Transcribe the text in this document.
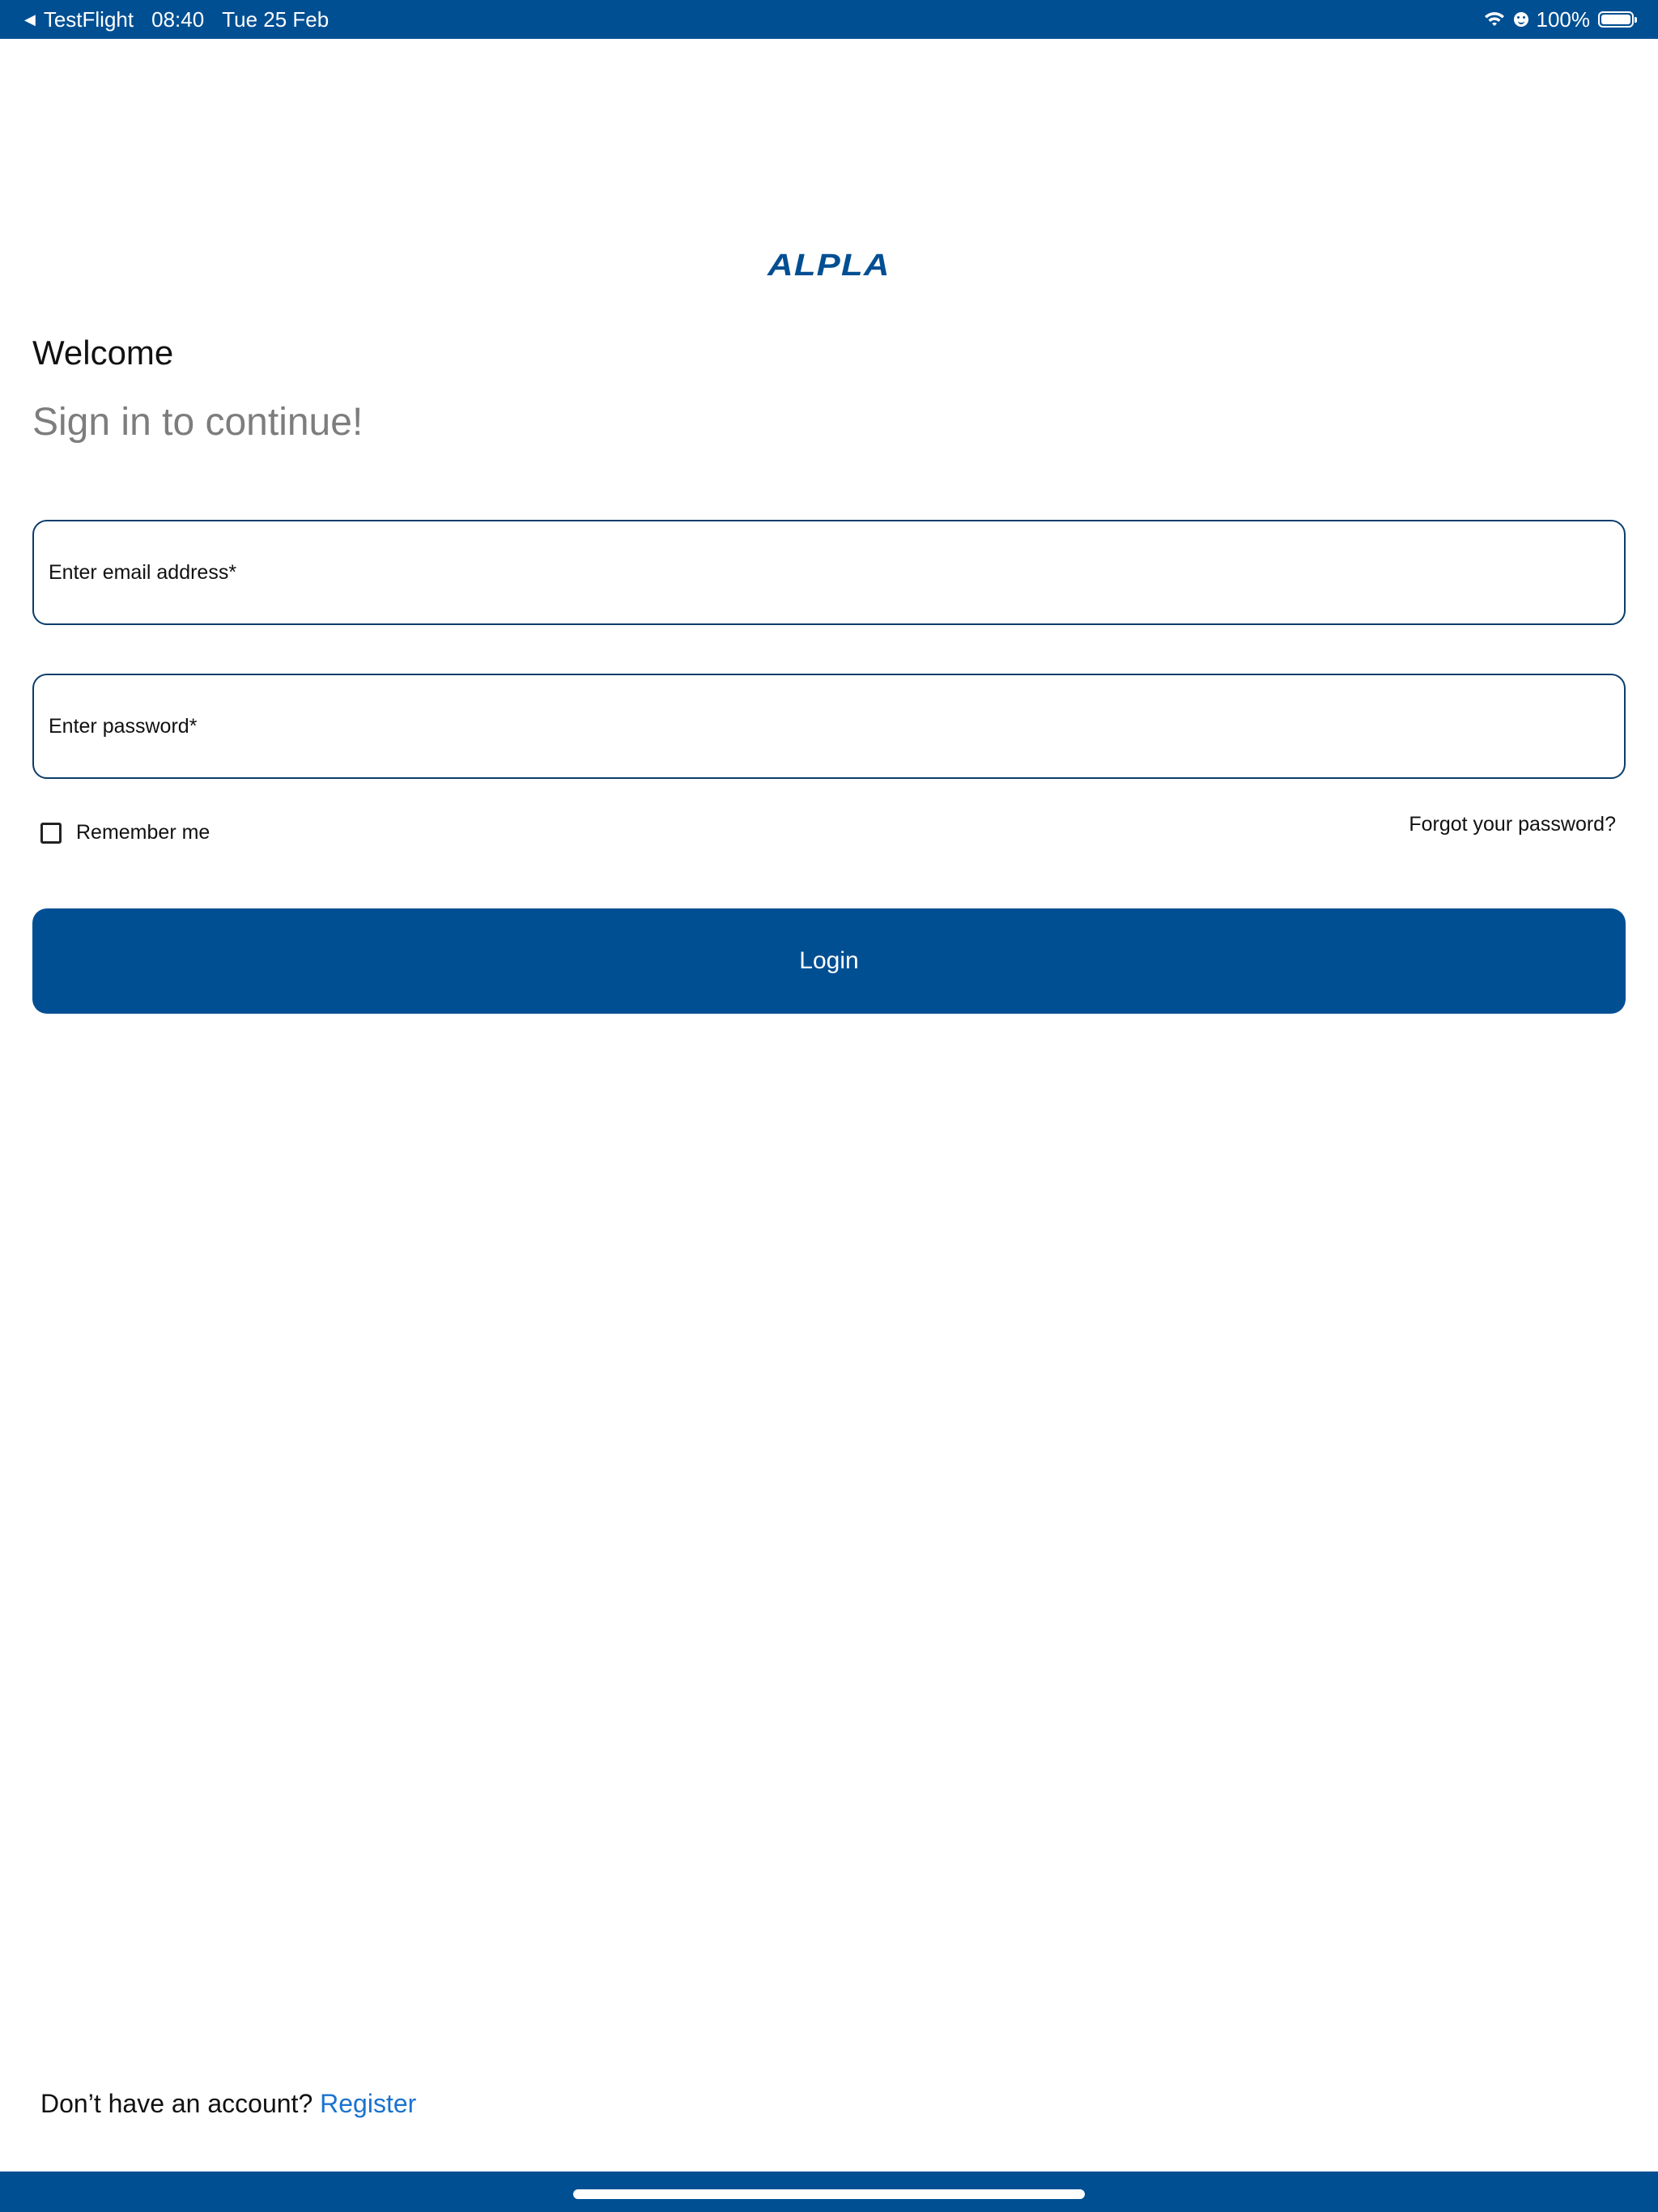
◀ TestFlight 08:40 Tue 25 Feb	100%
ALPLA
Welcome
Sign in to continue!
Enter email address*
Remember me	Forgot your password?
Login
Don’t have an account? Register
